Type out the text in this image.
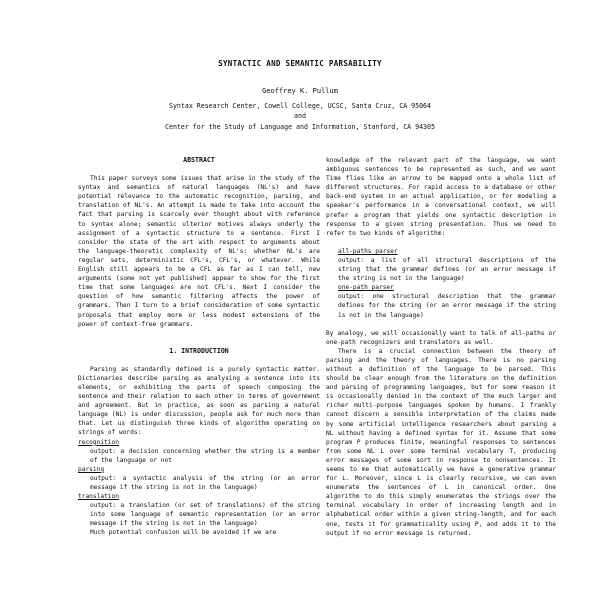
SYNTACTIC AND SEMANTIC PARSABILITY
Geoffrey K. Pullum
Syntax Research Center, Cowell College, UCSC, Santa Cruz, CA 95064
and
Center for the Study of Language and Information, Stanford, CA 94305
ABSTRACT

This paper surveys some issues that arise in the study of the syntax and semantics of natural languages (NL's) and have potential relevance to the automatic recognition, parsing, and translation of NL's. An attempt is made to take into account the fact that parsing is scarcely ever thought about with reference to syntax alone; semantic ulterior motives always underly the assignment of a syntactic structure to a sentence. First I consider the state of the art with respect to arguments about the language-theoretic complexity of NL's: whether NL's are regular sets, deterministic CFL's, CFL's, or whatever. While English still appears to be a CFL as far as I can tell, new arguments (some not yet published) appear to show for the first time that some languages are not CFL's. Next I consider the question of how semantic filtering affects the power of grammars. Then I turn to a brief consideration of some syntactic proposals that employ more or less modest extensions of the power of context-free grammars.

1. INTRODUCTION

Parsing as standardly defined is a purely syntactic matter. Dictionaries describe parsing as analysing a sentence into its elements, or exhibiting the parts of speech composing the sentence and their relation to each other in terms of government and agreement. But in practice, as soon as parsing a natural language (NL) is under discussion, people ask for much more than that. Let us distinguish three kinds of algorithm operating on strings of words:

recognition
output: a decision concerning whether the string is a member of the language or not
parsing
output: a syntactic analysis of the string (or an error message if the string is not in the language)
translation
output: a translation (or set of translations) of the string into some language of semantic representation (or an error message if the string is not in the language)

Much potential confusion will be avoided if we are

knowledge of the relevant part of the language, we want ambiguous sentences to be represented as such, and we want Time flies like an arrow to be mapped onto a whole list of different structures. For rapid access to a database or other back-end system in an actual application, or for modeling a speaker's performance in a conversational context, we will prefer a program that yields one syntactic description in response to a given string presentation. Thus we need to refer to two kinds of algorithm:

all-paths parser
output: a list of all structural descriptions of the string that the grammar defines (or an error message if the string is not in the language)
one-path parser
output: one structural description that the grammar defines for the string (or an error message if the string is not in the language)

By analogy, we will occasionally want to talk of all-paths or one-path recognizers and translators as well.

There is a crucial connection between the theory of parsing and the theory of languages. There is no parsing without a definition of the language to be parsed. This should be clear enough from the literature on the definition and parsing of programming languages, but for some reason it is occasionally denied in the context of the much larger and richer multi-purpose languages spoken by humans. I frankly cannot discern a sensible interpretation of the claims made by some artificial intelligence researchers about parsing a NL without having a defined syntax for it. Assume that some program P produces finite, meaningful responses to sentences from some NL L over some terminal vocabulary T, producing error messages of some sort in response to nonsentences. It seems to me that automatically we have a generative grammar for L. Moreover, since L is clearly recursive, we can even enumerate the sentences of L in canonical order. One algorithm to do this simply enumerates the strings over the terminal vocabulary in order of increasing length and in alphabetical order within a given string-length, and for each one, tests it for grammaticality using P, and adds it to the output if no error message is returned.
